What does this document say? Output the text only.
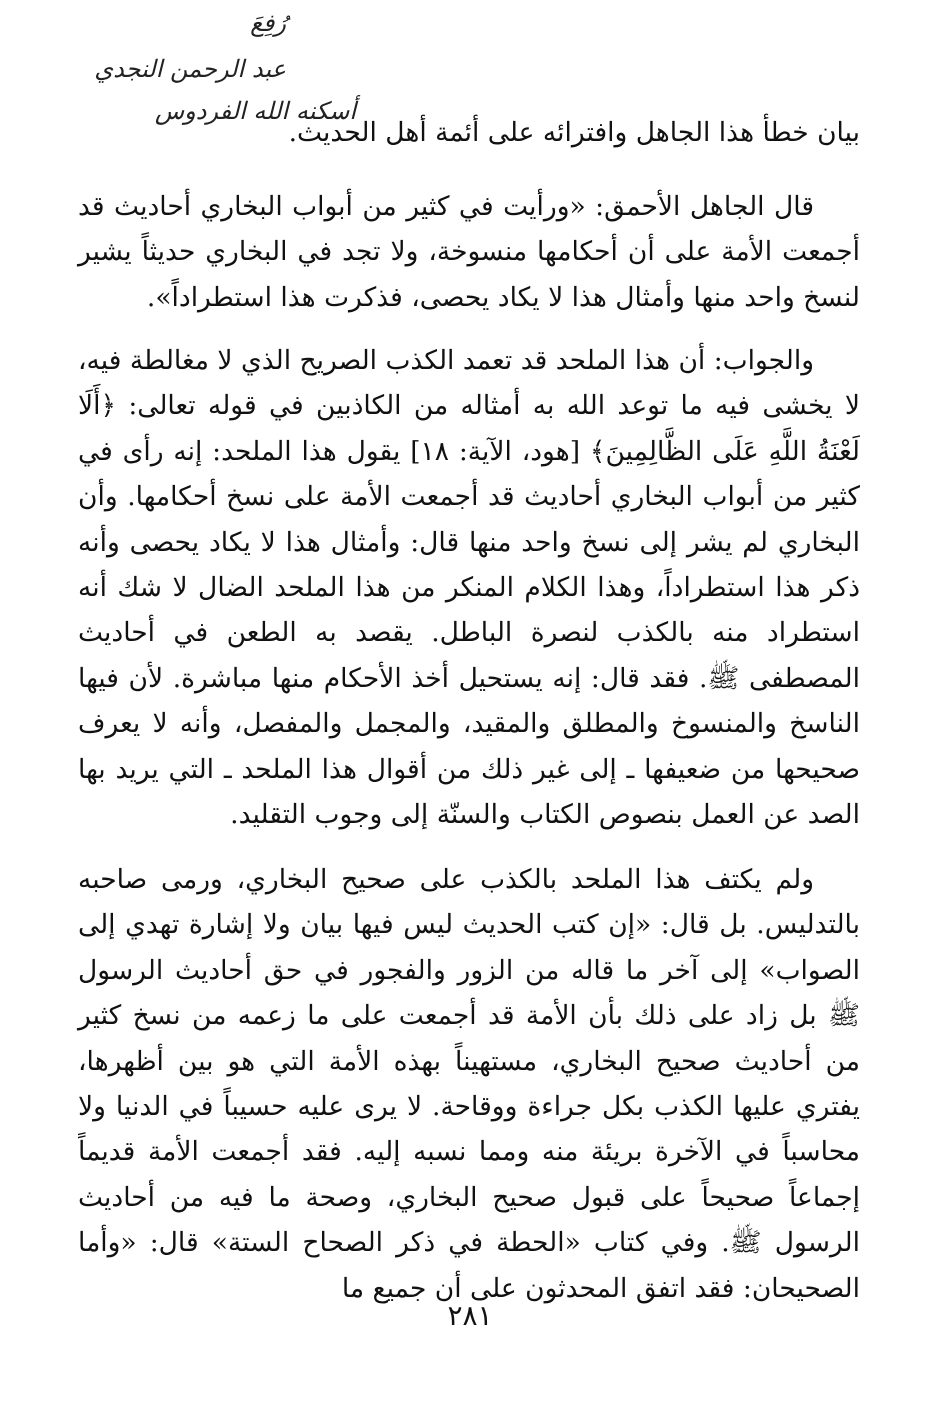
رُفِعَ
عبد الرحمن النجدي
أسكنه الله الفردوس

بيان خطأ هذا الجاهل وافترائه على أئمة أهل الحديث.

قال الجاهل الأحمق: «ورأيت في كثير من أبواب البخاري أحاديث قد أجمعت الأمة على أن أحكامها منسوخة، ولا تجد في البخاري حديثاً يشير لنسخ واحد منها وأمثال هذا لا يكاد يحصى، فذكرت هذا استطراداً».

والجواب: أن هذا الملحد قد تعمد الكذب الصريح الذي لا مغالطة فيه، لا يخشى فيه ما توعد الله به أمثاله من الكاذبين في قوله تعالى: ﴿أَلَا لَعْنَةُ اللَّهِ عَلَى الظَّالِمِينَ﴾ [هود، الآية: ١٨] يقول هذا الملحد: إنه رأى في كثير من أبواب البخاري أحاديث قد أجمعت الأمة على نسخ أحكامها. وأن البخاري لم يشر إلى نسخ واحد منها قال: وأمثال هذا لا يكاد يحصى وأنه ذكر هذا استطراداً، وهذا الكلام المنكر من هذا الملحد الضال لا شك أنه استطراد منه بالكذب لنصرة الباطل. يقصد به الطعن في أحاديث المصطفى ﷺ. فقد قال: إنه يستحيل أخذ الأحكام منها مباشرة. لأن فيها الناسخ والمنسوخ والمطلق والمقيد، والمجمل والمفصل، وأنه لا يعرف صحيحها من ضعيفها ـ إلى غير ذلك من أقوال هذا الملحد ـ التي يريد بها الصد عن العمل بنصوص الكتاب والسنّة إلى وجوب التقليد.

ولم يكتف هذا الملحد بالكذب على صحيح البخاري، ورمى صاحبه بالتدليس. بل قال: «إن كتب الحديث ليس فيها بيان ولا إشارة تهدي إلى الصواب» إلى آخر ما قاله من الزور والفجور في حق أحاديث الرسول ﷺ بل زاد على ذلك بأن الأمة قد أجمعت على ما زعمه من نسخ كثير من أحاديث صحيح البخاري، مستهيناً بهذه الأمة التي هو بين أظهرها، يفتري عليها الكذب بكل جراءة ووقاحة. لا يرى عليه حسيباً في الدنيا ولا محاسباً في الآخرة بريئة منه ومما نسبه إليه. فقد أجمعت الأمة قديماً إجماعاً صحيحاً على قبول صحيح البخاري، وصحة ما فيه من أحاديث الرسول ﷺ. وفي كتاب «الحطة في ذكر الصحاح الستة» قال: «وأما الصحيحان: فقد اتفق المحدثون على أن جميع ما

٢٨١
